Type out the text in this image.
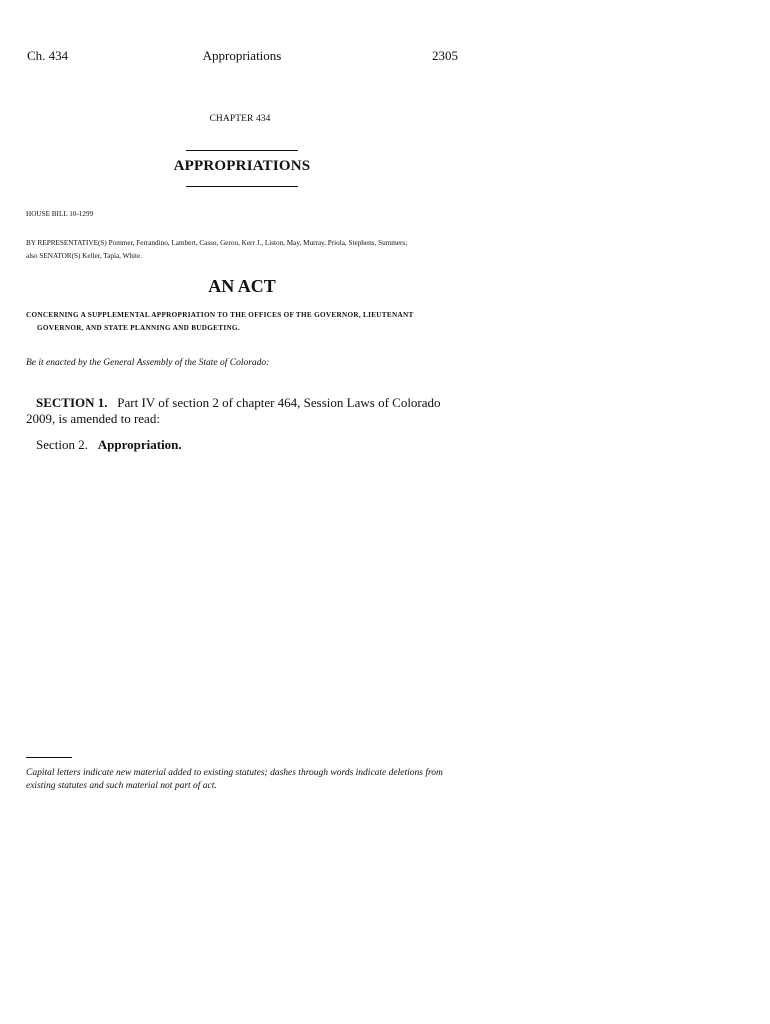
Ch. 434	Appropriations	2305
CHAPTER 434
APPROPRIATIONS
HOUSE BILL 10-1299
BY REPRESENTATIVE(S) Pommer, Ferrandino, Lambert, Casso, Gerou, Kerr J., Liston, May, Murray, Priola, Stephens, Summers;
also SENATOR(S) Keller, Tapia, White.
AN ACT
CONCERNING A SUPPLEMENTAL APPROPRIATION TO THE OFFICES OF THE GOVERNOR, LIEUTENANT
GOVERNOR, AND STATE PLANNING AND BUDGETING.
Be it enacted by the General Assembly of the State of Colorado:
SECTION 1.   Part IV of section 2 of chapter 464, Session Laws of Colorado 2009, is amended to read:
Section 2.   Appropriation.
Capital letters indicate new material added to existing statutes; dashes through words indicate deletions from existing statutes and such material not part of act.
